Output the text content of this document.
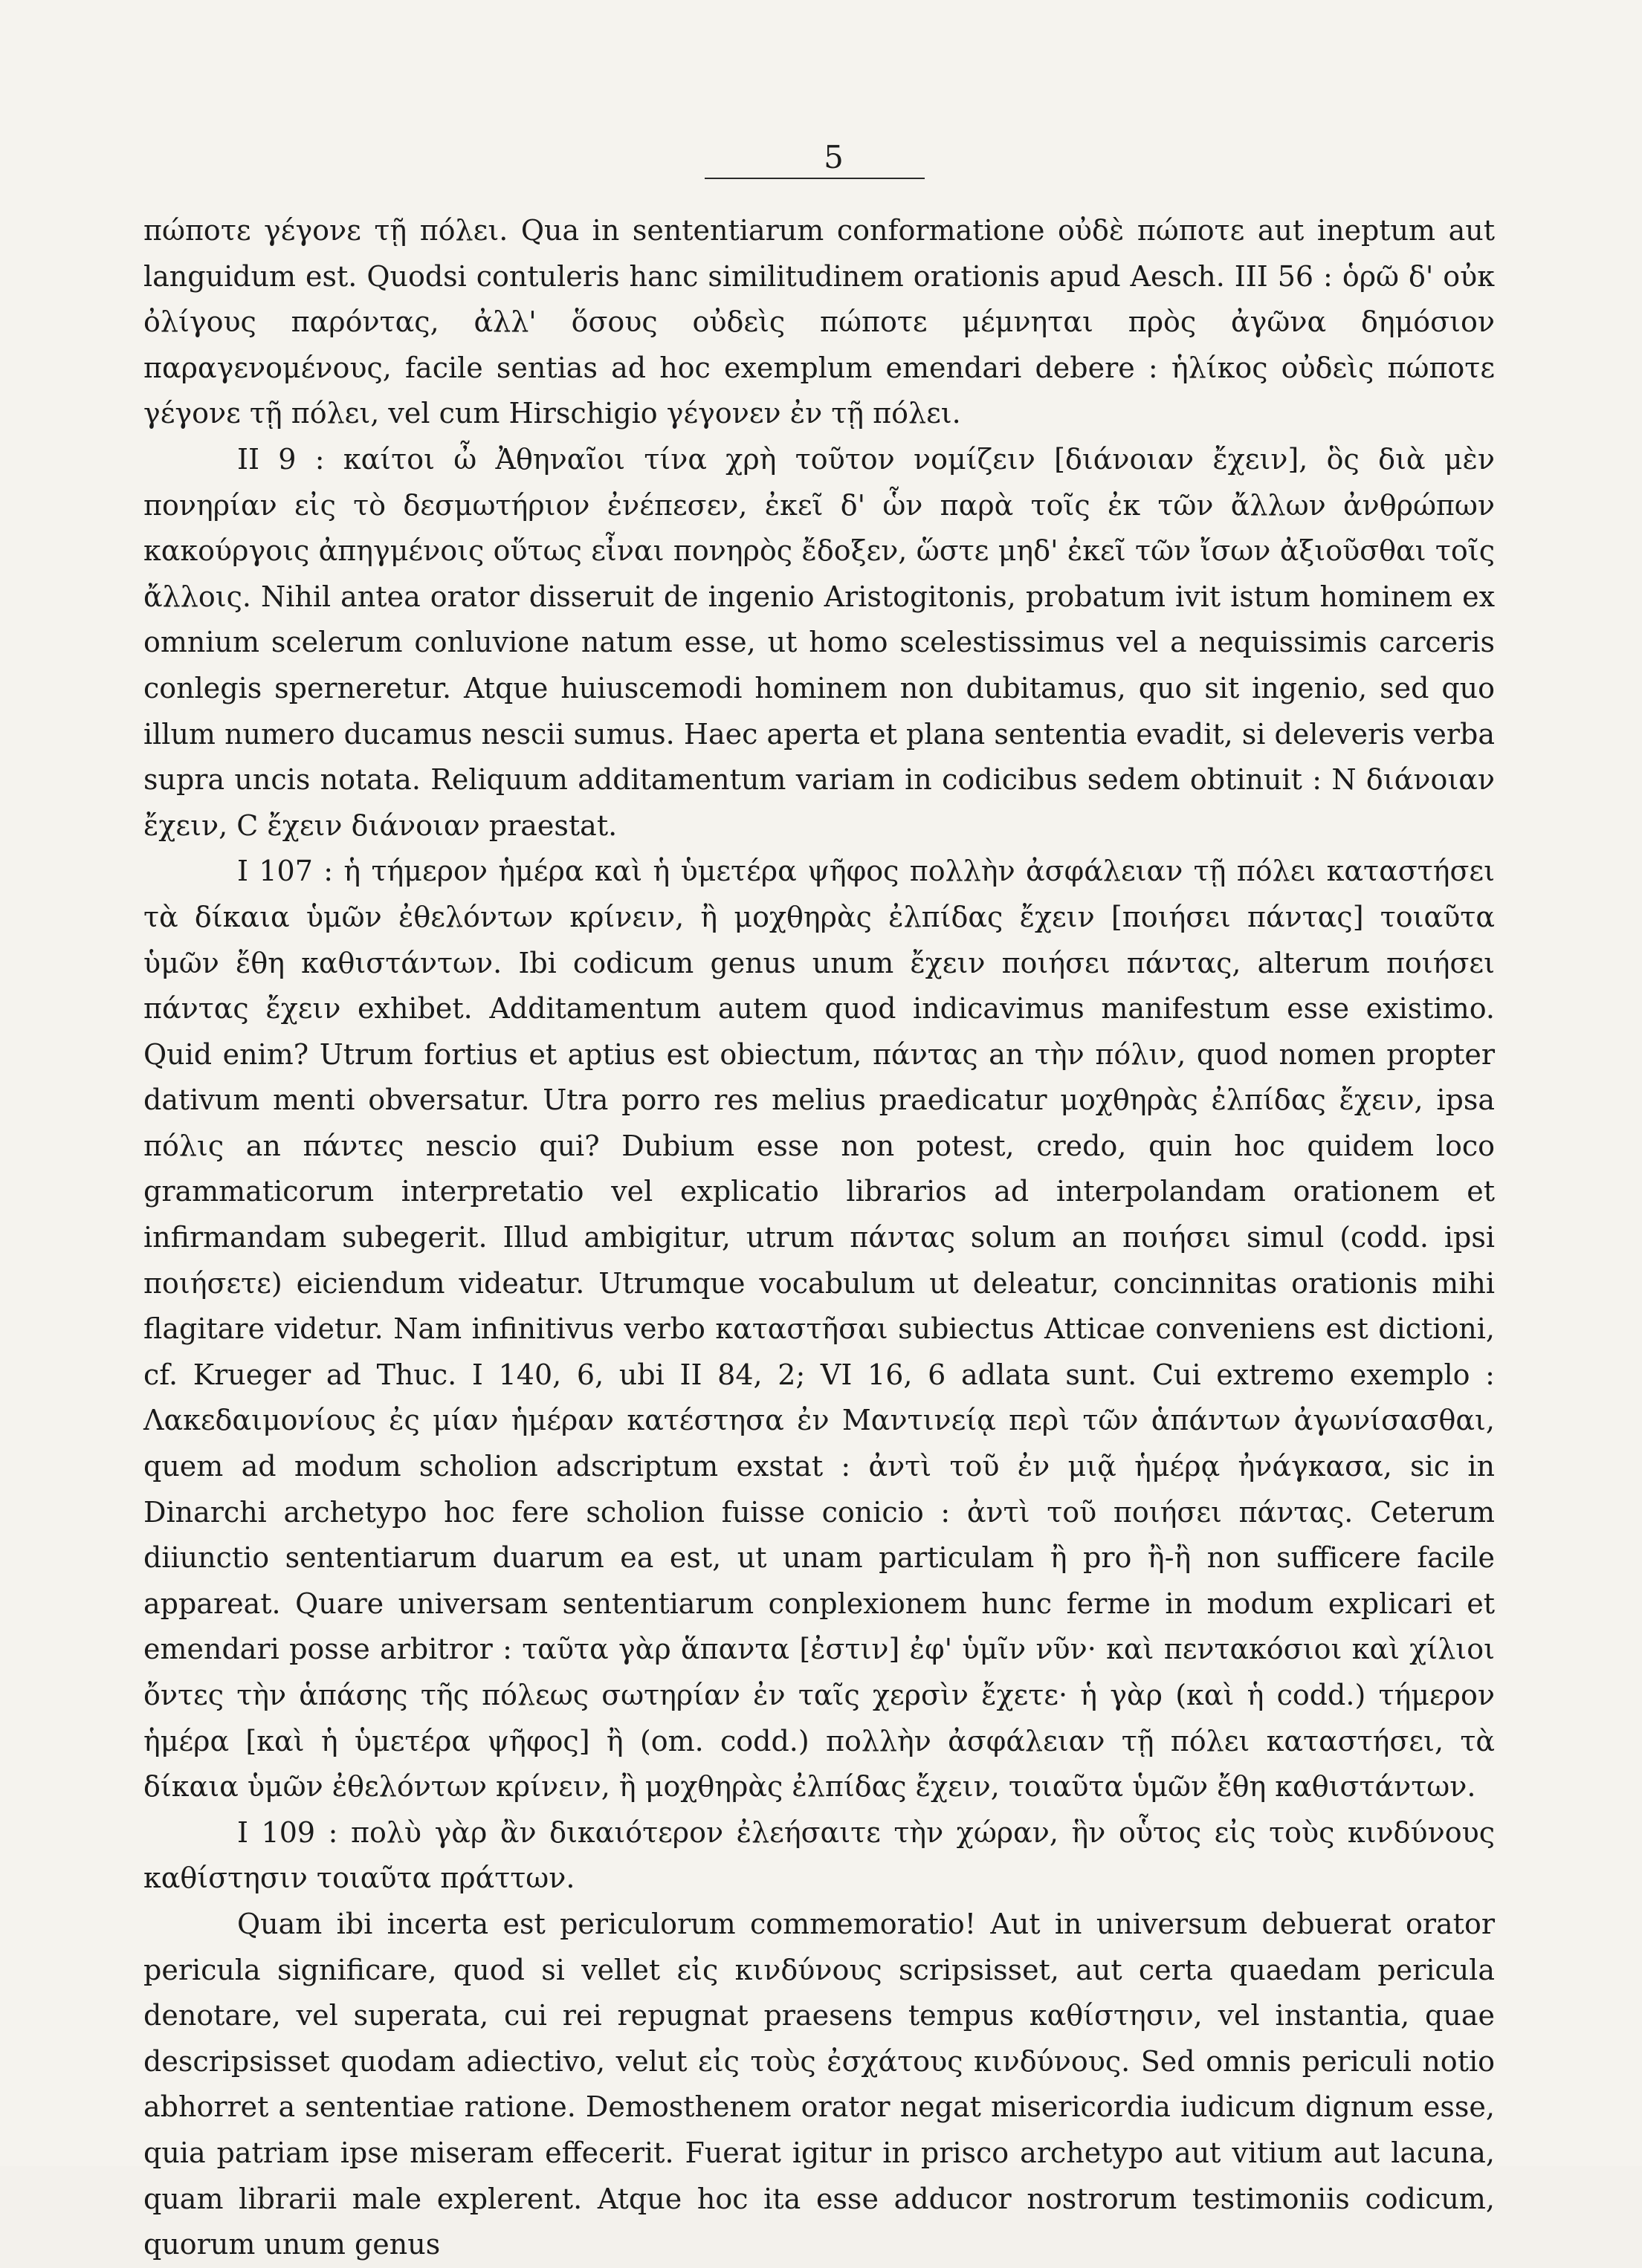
5

πώποτε γέγονε τῇ πόλει. Qua in sententiarum conformatione οὐδὲ πώποτε aut ineptum aut languidum est. Quodsi contuleris hanc similitudinem orationis apud Aesch. III 56 : ὁρῶ δ' οὐκ ὀλίγους παρόντας, ἀλλ' ὅσους οὐδεὶς πώποτε μέμνηται πρὸς ἀγῶνα δημόσιον παραγενομένους, facile sentias ad hoc exemplum emendari debere : ἡλίκος οὐδεὶς πώποτε γέγονε τῇ πόλει, vel cum Hirschigio γέγονεν ἐν τῇ πόλει.

II 9 : καίτοι ὦ Ἀθηναῖοι τίνα χρὴ τοῦτον νομίζειν [διάνοιαν ἔχειν], ὃς διὰ μὲν πονηρίαν εἰς τὸ δεσμωτήριον ἐνέπεσεν, ἐκεῖ δ' ὧν παρὰ τοῖς ἐκ τῶν ἄλλων ἀνθρώπων κακούργοις ἀπηγμένοις οὕτως εἶναι πονηρὸς ἔδοξεν, ὥστε μηδ' ἐκεῖ τῶν ἴσων ἀξιοῦσθαι τοῖς ἄλλοις. Nihil antea orator disseruit de ingenio Aristogitonis, probatum ivit istum hominem ex omnium scelerum conluvione natum esse, ut homo scelestissimus vel a nequissimis carceris conlegis sperneretur. Atque huiuscemodi hominem non dubitamus, quo sit ingenio, sed quo illum numero ducamus nescii sumus. Haec aperta et plana sententia evadit, si deleveris verba supra uncis notata. Reliquum additamentum variam in codicibus sedem obtinuit : N διάνοιαν ἔχειν, C ἔχειν διάνοιαν praestat.

I 107 : ἡ τήμερον ἡμέρα καὶ ἡ ὑμετέρα ψῆφος πολλὴν ἀσφάλειαν τῇ πόλει καταστήσει τὰ δίκαια ὑμῶν ἐθελόντων κρίνειν, ἢ μοχθηρὰς ἐλπίδας ἔχειν [ποιήσει πάντας] τοιαῦτα ὑμῶν ἔθη καθιστάντων. Ibi codicum genus unum ἔχειν ποιήσει πάντας, alterum ποιήσει πάντας ἔχειν exhibet. Additamentum autem quod indicavimus manifestum esse existimo. Quid enim? Utrum fortius et aptius est obiectum, πάντας an τὴν πόλιν, quod nomen propter dativum menti obversatur. Utra porro res melius praedicatur μοχθηρὰς ἐλπίδας ἔχειν, ipsa πόλις an πάντες nescio qui? Dubium esse non potest, credo, quin hoc quidem loco grammaticorum interpretatio vel explicatio librarios ad interpolandam orationem et infirmandam subegerit. Illud ambigitur, utrum πάντας solum an ποιήσει simul (codd. ipsi ποιήσετε) eiciendum videatur. Utrumque vocabulum ut deleatur, concinnitas orationis mihi flagitare videtur. Nam infinitivus verbo καταστῆσαι subiectus Atticae conveniens est dictioni, cf. Krueger ad Thuc. I 140, 6, ubi II 84, 2; VI 16, 6 adlata sunt. Cui extremo exemplo : Λακεδαιμονίους ἐς μίαν ἡμέραν κατέστησα ἐν Μαντινείᾳ περὶ τῶν ἁπάντων ἀγωνίσασθαι, quem ad modum scholion adscriptum exstat : ἀντὶ τοῦ ἐν μιᾷ ἡμέρᾳ ἠνάγκασα, sic in Dinarchi archetypo hoc fere scholion fuisse conicio : ἀντὶ τοῦ ποιήσει πάντας. Ceterum diiunctio sententiarum duarum ea est, ut unam particulam ἢ pro ἢ-ἢ non sufficere facile appareat. Quare universam sententiarum conplexionem hunc ferme in modum explicari et emendari posse arbitror : ταῦτα γὰρ ἅπαντα [ἐστιν] ἐφ' ὑμῖν νῦν· καὶ πεντακόσιοι καὶ χίλιοι ὄντες τὴν ἁπάσης τῆς πόλεως σωτηρίαν ἐν ταῖς χερσὶν ἔχετε· ἡ γὰρ (καὶ ἡ codd.) τήμερον ἡμέρα [καὶ ἡ ὑμετέρα ψῆφος] ἢ (om. codd.) πολλὴν ἀσφάλειαν τῇ πόλει καταστήσει, τὰ δίκαια ὑμῶν ἐθελόντων κρίνειν, ἢ μοχθηρὰς ἐλπίδας ἔχειν, τοιαῦτα ὑμῶν ἔθη καθιστάντων.

I 109 : πολὺ γὰρ ἂν δικαιότερον ἐλεήσαιτε τὴν χώραν, ἣν οὗτος εἰς τοὺς κινδύνους καθίστησιν τοιαῦτα πράττων.

Quam ibi incerta est periculorum commemoratio! Aut in universum debuerat orator pericula significare, quod si vellet εἰς κινδύνους scripsisset, aut certa quaedam pericula denotare, vel superata, cui rei repugnat praesens tempus καθίστησιν, vel instantia, quae descripsisset quodam adiectivo, velut εἰς τοὺς ἐσχάτους κινδύνους. Sed omnis periculi notio abhorret a sententiae ratione. Demosthenem orator negat misericordia iudicum dignum esse, quia patriam ipse miseram effecerit. Fuerat igitur in prisco archetypo aut vitium aut lacuna, quam librarii male explerent. Atque hoc ita esse adducor nostrorum testimoniis codicum, quorum unum genus
